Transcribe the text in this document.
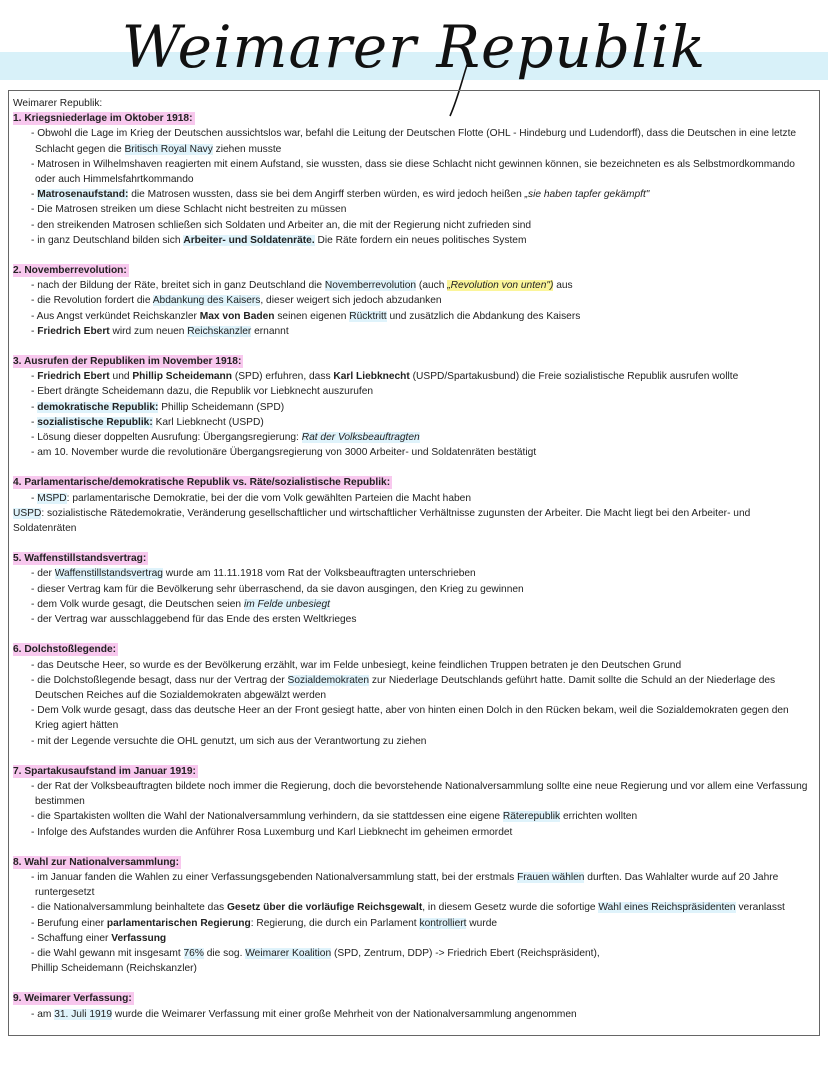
Weimarer Republik

Weimarer Republik:

1. Kriegsniederlage im Oktober 1918:

- Obwohl die Lage im Krieg der Deutschen aussichtslos war, befahl die Leitung der Deutschen Flotte (OHL - Hindeburg und Ludendorff), dass die Deutschen in eine letzte Schlacht gegen die Britisch Royal Navy ziehen musste

- Matrosen in Wilhelmshaven reagierten mit einem Aufstand, sie wussten, dass sie diese Schlacht nicht gewinnen können, sie bezeichneten es als Selbstmordkommando oder auch Himmelsfahrtkommando

- Matrosenaufstand: die Matrosen wussten, dass sie bei dem Angirff sterben würden, es wird jedoch heißen „sie haben tapfer gekämpft"

- Die Matrosen streiken um diese Schlacht nicht bestreiten zu müssen

- den streikenden Matrosen schließen sich Soldaten und Arbeiter an, die mit der Regierung nicht zufrieden sind

- in ganz Deutschland bilden sich Arbeiter- und Soldatenräte. Die Räte fordern ein neues politisches System

2. Novemberrevolution:

- nach der Bildung der Räte, breitet sich in ganz Deutschland die Novemberrevolution (auch „Revolution von unten") aus

- die Revolution fordert die Abdankung des Kaisers, dieser weigert sich jedoch abzudanken

- Aus Angst verkündet Reichskanzler Max von Baden seinen eigenen Rücktritt und zusätzlich die Abdankung des Kaisers

- Friedrich Ebert wird zum neuen Reichskanzler ernannt

3. Ausrufen der Republiken im November 1918:

- Friedrich Ebert und Phillip Scheidemann (SPD) erfuhren, dass Karl Liebknecht (USPD/Spartakusbund) die Freie sozialistische Republik ausrufen wollte

- Ebert drängte Scheidemann dazu, die Republik vor Liebknecht auszurufen

- demokratische Republik: Phillip Scheidemann (SPD)

- sozialistische Republik: Karl Liebknecht (USPD)

- Lösung dieser doppelten Ausrufung: Übergangsregierung: Rat der Volksbeauftragten

- am 10. November wurde die revolutionäre Übergangsregierung von 3000 Arbeiter- und Soldatenräten bestätigt

4. Parlamentarische/demokratische Republik vs. Räte/sozialistische Republik:

- MSPD: parlamentarische Demokratie, bei der die vom Volk gewählten Parteien die Macht haben

USPD: sozialistische Rätedemokratie, Veränderung gesellschaftlicher und wirtschaftlicher Verhältnisse zugunsten der Arbeiter. Die Macht liegt bei den Arbeiter- und Soldatenräten

5. Waffenstillstandsvertrag:

- der Waffenstillstandsvertrag wurde am 11.11.1918 vom Rat der Volksbeauftragten unterschrieben

- dieser Vertrag kam für die Bevölkerung sehr überraschend, da sie davon ausgingen, den Krieg zu gewinnen

- dem Volk wurde gesagt, die Deutschen seien im Felde unbesiegt

- der Vertrag war ausschlaggebend für das Ende des ersten Weltkrieges

6. Dolchstoßlegende:

- das Deutsche Heer, so wurde es der Bevölkerung erzählt, war im Felde unbesiegt, keine feindlichen Truppen betraten je den Deutschen Grund

- die Dolchstoßlegende besagt, dass nur der Vertrag der Sozialdemokraten zur Niederlage Deutschlands geführt hatte. Damit sollte die Schuld an der Niederlage des Deutschen Reiches auf die Sozialdemokraten abgewälzt werden

- Dem Volk wurde gesagt, dass das deutsche Heer an der Front gesiegt hatte, aber von hinten einen Dolch in den Rücken bekam, weil die Sozialdemokraten gegen den Krieg agiert hätten

- mit der Legende versuchte die OHL genutzt, um sich aus der Verantwortung zu ziehen

7. Spartakusaufstand im Januar 1919:

- der Rat der Volksbeauftragten bildete noch immer die Regierung, doch die bevorstehende Nationalversammlung sollte eine neue Regierung und vor allem eine Verfassung bestimmen

- die Spartakisten wollten die Wahl der Nationalversammlung verhindern, da sie stattdessen eine eigene Räterepublik errichten wollten

- Infolge des Aufstandes wurden die Anführer Rosa Luxemburg und Karl Liebknecht im geheimen ermordet

8. Wahl zur Nationalversammlung:

- im Januar fanden die Wahlen zu einer Verfassungsgebenden Nationalversammlung statt, bei der erstmals Frauen wählen durften. Das Wahlalter wurde auf 20 Jahre runtergesetzt

- die Nationalversammlung beinhaltete das Gesetz über die vorläufige Reichsgewalt, in diesem Gesetz wurde die sofortige Wahl eines Reichspräsidenten veranlasst

- Berufung einer parlamentarischen Regierung: Regierung, die durch ein Parlament kontrolliert wurde

- Schaffung einer Verfassung

- die Wahl gewann mit insgesamt 76% die sog. Weimarer Koalition (SPD, Zentrum, DDP) -> Friedrich Ebert (Reichspräsident),

Phillip Scheidemann (Reichskanzler)

9. Weimarer Verfassung:

- am 31. Juli 1919 wurde die Weimarer Verfassung mit einer große Mehrheit von der Nationalversammlung angenommen
